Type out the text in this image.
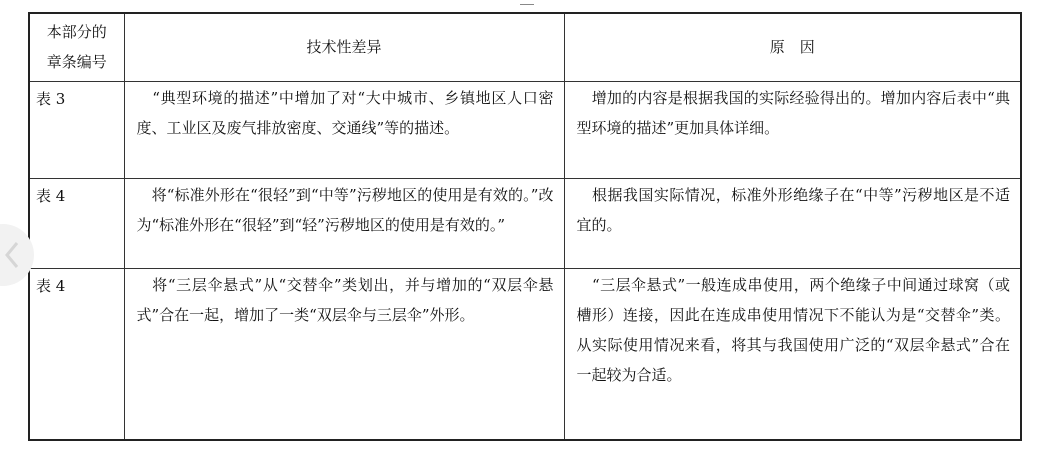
本部分的
章条编号	技术性差异	原　因
表 3	　“典型环境的描述”中增加了对“大中城市、乡镇地区人口密度、工业区及废气排放密度、交通线”等的描述。	　增加的内容是根据我国的实际经验得出的。增加内容后表中“典型环境的描述”更加具体详细。
表 4	　将“标准外形在“很轻”到“中等”污秽地区的使用是有效的。”改为“标准外形在“很轻”到“轻”污秽地区的使用是有效的。”	　根据我国实际情况，标准外形绝缘子在“中等”污秽地区是不适宜的。
表 4	　将“三层伞悬式”从“交替伞”类划出，并与增加的“双层伞悬式”合在一起，增加了一类“双层伞与三层伞”外形。	　“三层伞悬式”一般连成串使用，两个绝缘子中间通过球窝（或槽形）连接，因此在连成串使用情况下不能认为是“交替伞”类。从实际使用情况来看，将其与我国使用广泛的“双层伞悬式”合在一起较为合适。
